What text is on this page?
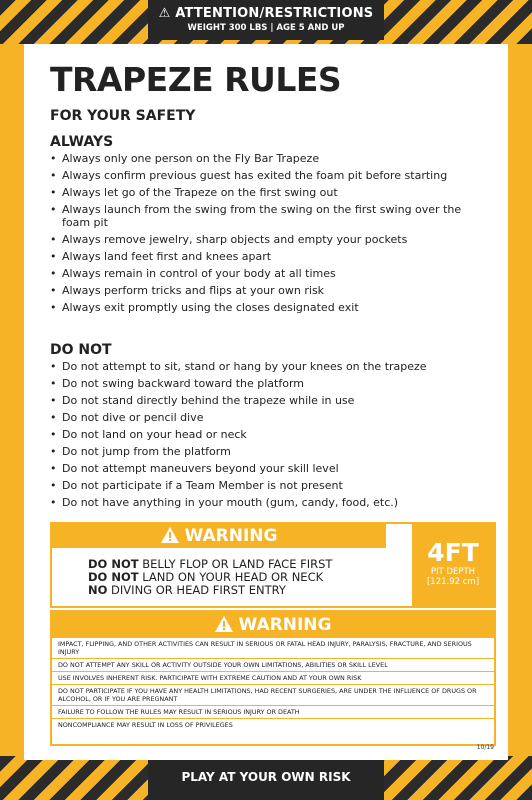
⚠ ATTENTION/RESTRICTIONS
WEIGHT 300 LBS | AGE 5 AND UP
TRAPEZE RULES
FOR YOUR SAFETY
ALWAYS
• Always only one person on the Fly Bar Trapeze
• Always confirm previous guest has exited the foam pit before starting
• Always let go of the Trapeze on the first swing out
• Always launch from the swing from the swing on the first swing over the foam pit
• Always remove jewelry, sharp objects and empty your pockets
• Always land feet first and knees apart
• Always remain in control of your body at all times
• Always perform tricks and flips at your own risk
• Always exit promptly using the closes designated exit
DO NOT
• Do not attempt to sit, stand or hang by your knees on the trapeze
• Do not swing backward toward the platform
• Do not stand directly behind the trapeze while in use
• Do not dive or pencil dive
• Do not land on your head or neck
• Do not jump from the platform
• Do not attempt maneuvers beyond your skill level
• Do not participate if a Team Member is not present
• Do not have anything in your mouth (gum, candy, food, etc.)
WARNING
DO NOT BELLY FLOP OR LAND FACE FIRST
DO NOT LAND ON YOUR HEAD OR NECK
NO DIVING OR HEAD FIRST ENTRY
4FT
PIT DEPTH
[121.92 cm]
WARNING
IMPACT, FLIPPING, AND OTHER ACTIVITIES CAN RESULT IN SERIOUS OR FATAL HEAD INJURY, PARALYSIS, FRACTURE, AND SERIOUS INJURY
DO NOT ATTEMPT ANY SKILL OR ACTIVITY OUTSIDE YOUR OWN LIMITATIONS, ABILITIES OR SKILL LEVEL
USE INVOLVES INHERENT RISK. PARTICIPATE WITH EXTREME CAUTION AND AT YOUR OWN RISK
DO NOT PARTICIPATE IF YOU HAVE ANY HEALTH LIMITATIONS, HAD RECENT SURGERIES, ARE UNDER THE INFLUENCE OF DRUGS OR ALCOHOL, OR IF YOU ARE PREGNANT
FAILURE TO FOLLOW THE RULES MAY RESULT IN SERIOUS INJURY OR DEATH
NONCOMPLIANCE MAY RESULT IN LOSS OF PRIVILEGES
10/19
PLAY AT YOUR OWN RISK
